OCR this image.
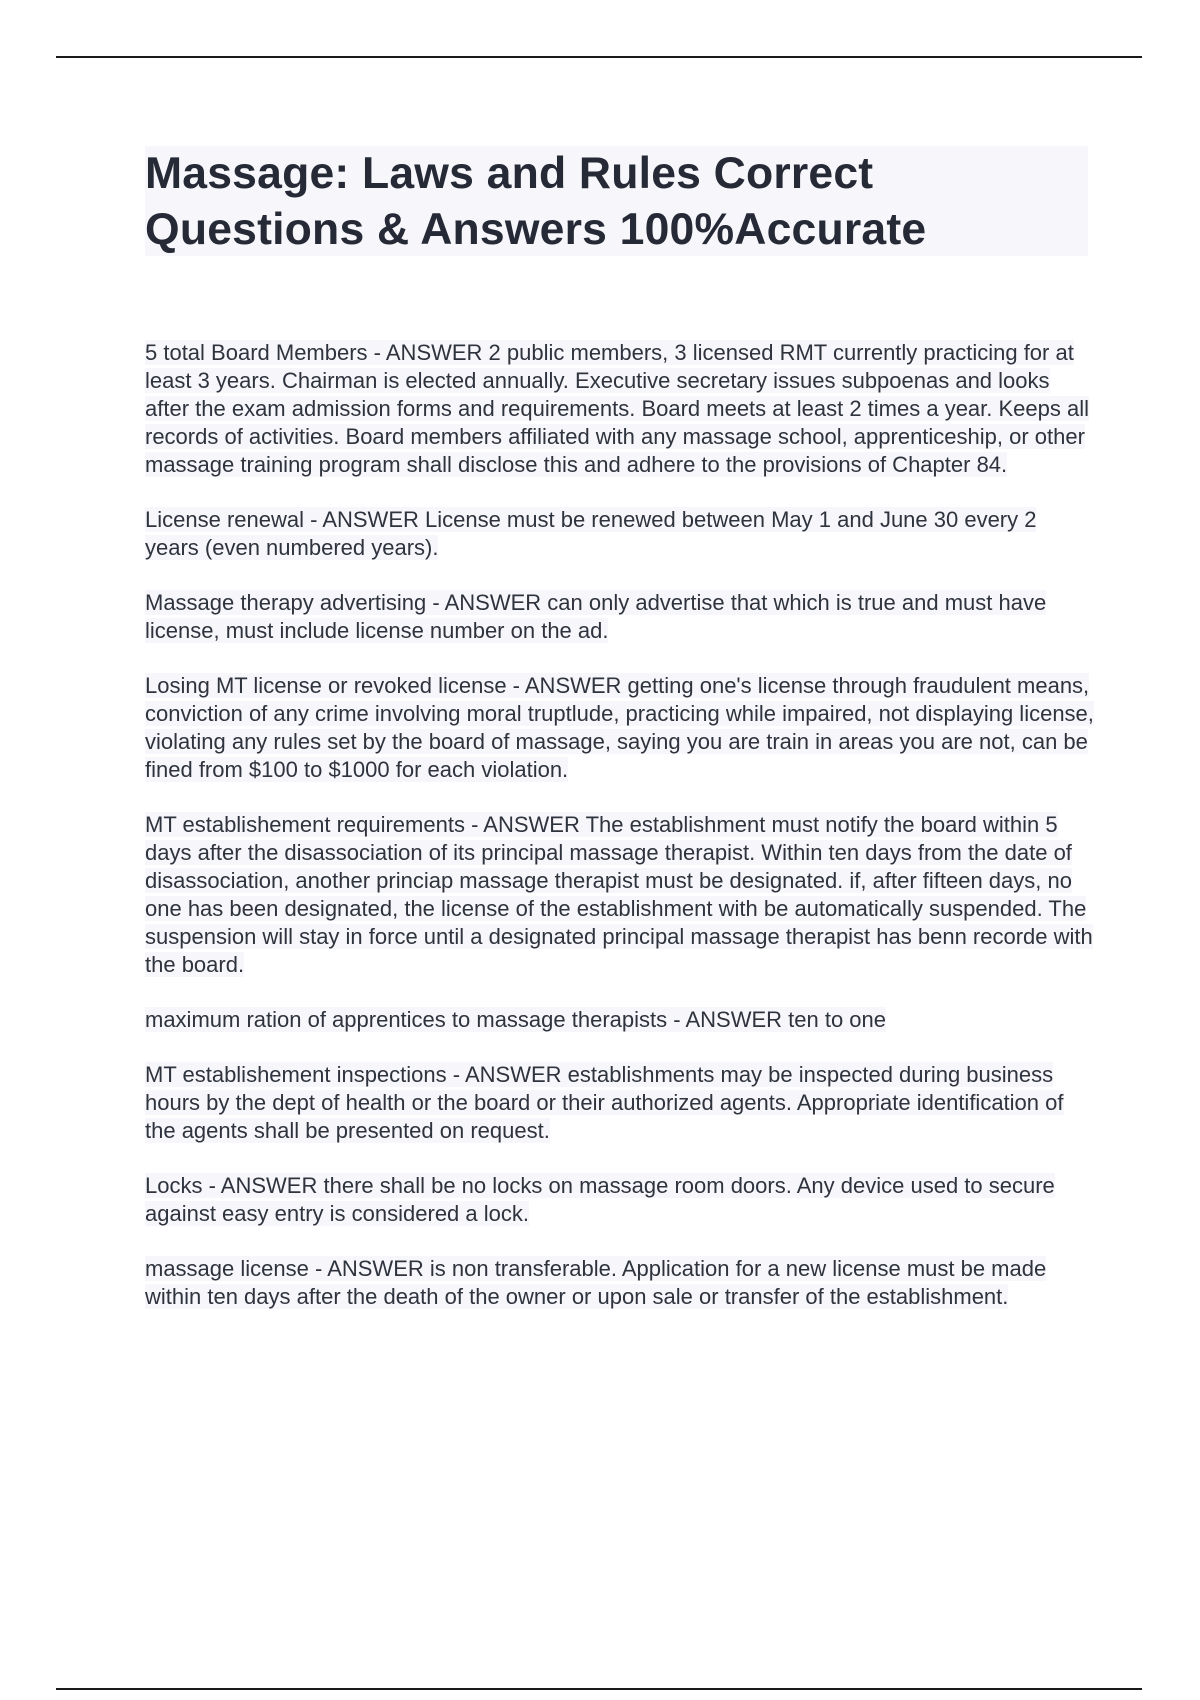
Massage: Laws and Rules Correct Questions & Answers 100%Accurate
5 total Board Members - ANSWER 2 public members, 3 licensed RMT currently practicing for at least 3 years. Chairman is elected annually. Executive secretary issues subpoenas and looks after the exam admission forms and requirements. Board meets at least 2 times a year. Keeps all records of activities. Board members affiliated with any massage school, apprenticeship, or other massage training program shall disclose this and adhere to the provisions of Chapter 84.
License renewal - ANSWER License must be renewed between May 1 and June 30 every 2 years (even numbered years).
Massage therapy advertising - ANSWER can only advertise that which is true and must have license, must include license number on the ad.
Losing MT license or revoked license - ANSWER getting one's license through fraudulent means, conviction of any crime involving moral truptlude, practicing while impaired, not displaying license, violating any rules set by the board of massage, saying you are train in areas you are not, can be fined from $100 to $1000 for each violation.
MT establishement requirements - ANSWER The establishment must notify the board within 5 days after the disassociation of its principal massage therapist. Within ten days from the date of disassociation, another princiap massage therapist must be designated. if, after fifteen days, no one has been designated, the license of the establishment with be automatically suspended. The suspension will stay in force until a designated principal massage therapist has benn recorde with the board.
maximum ration of apprentices to massage therapists - ANSWER ten to one
MT establishement inspections - ANSWER establishments may be inspected during business hours by the dept of health or the board or their authorized agents. Appropriate identification of the agents shall be presented on request.
Locks - ANSWER there shall be no locks on massage room doors. Any device used to secure against easy entry is considered a lock.
massage license - ANSWER is non transferable. Application for a new license must be made within ten days after the death of the owner or upon sale or transfer of the establishment.
